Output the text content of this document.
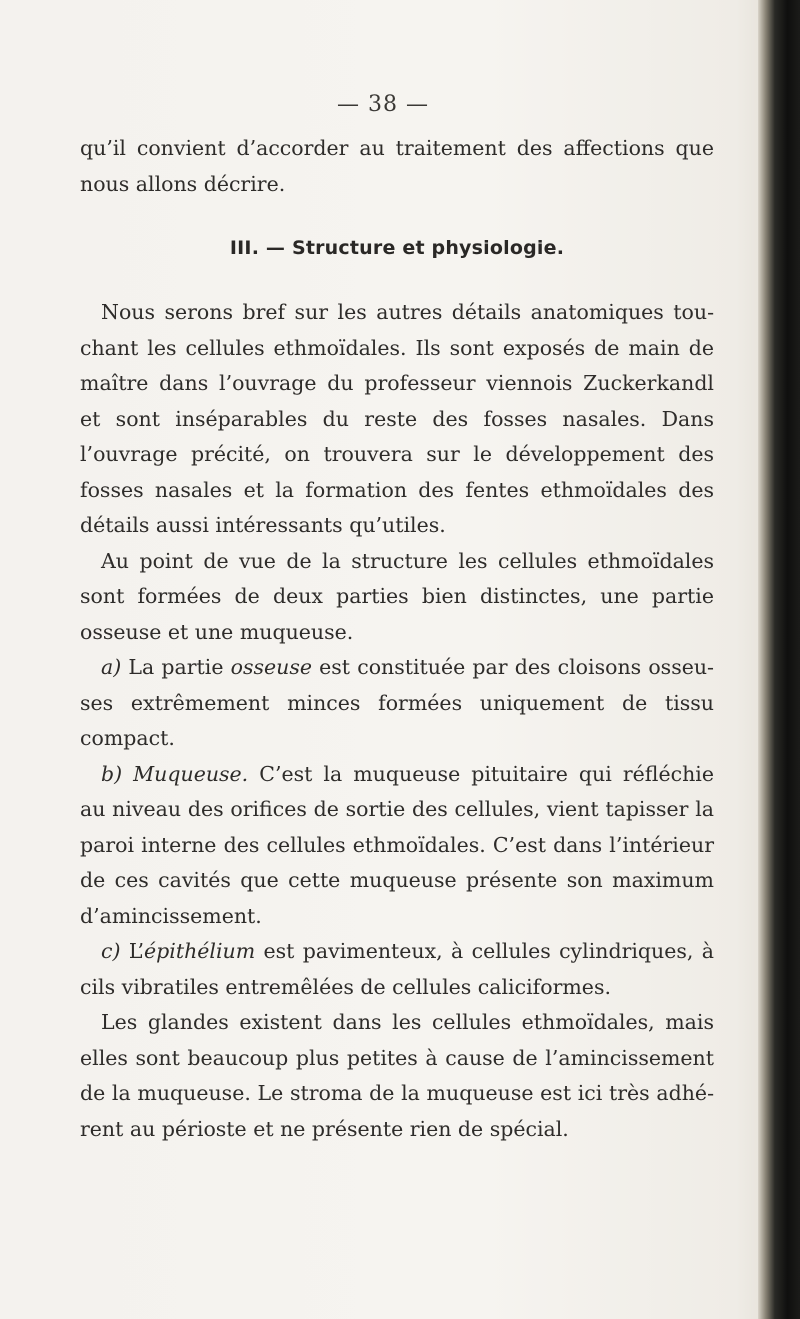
— 38 —

qu’il convient d’accorder au traitement des affections que nous allons décrire.

III. — Structure et physiologie.

Nous serons bref sur les autres détails anatomiques touchant les cellules ethmoïdales. Ils sont exposés de main de maître dans l’ouvrage du professeur viennois Zuckerkandl et sont inséparables du reste des fosses nasales. Dans l’ouvrage précité, on trouvera sur le développement des fosses nasales et la formation des fentes ethmoïdales des détails aussi intéressants qu’utiles.

Au point de vue de la structure les cellules ethmoïdales sont formées de deux parties bien distinctes, une partie osseuse et une muqueuse.

a) La partie osseuse est constituée par des cloisons osseuses extrêmement minces formées uniquement de tissu compact.

b) Muqueuse. C’est la muqueuse pituitaire qui réfléchie au niveau des orifices de sortie des cellules, vient tapisser la paroi interne des cellules ethmoïdales. C’est dans l’intérieur de ces cavités que cette muqueuse présente son maximum d’amincissement.

c) L’épithélium est pavimenteux, à cellules cylindriques, à cils vibratiles entremêlées de cellules caliciformes.

Les glandes existent dans les cellules ethmoïdales, mais elles sont beaucoup plus petites à cause de l’amincissement de la muqueuse. Le stroma de la muqueuse est ici très adhérent au périoste et ne présente rien de spécial.
